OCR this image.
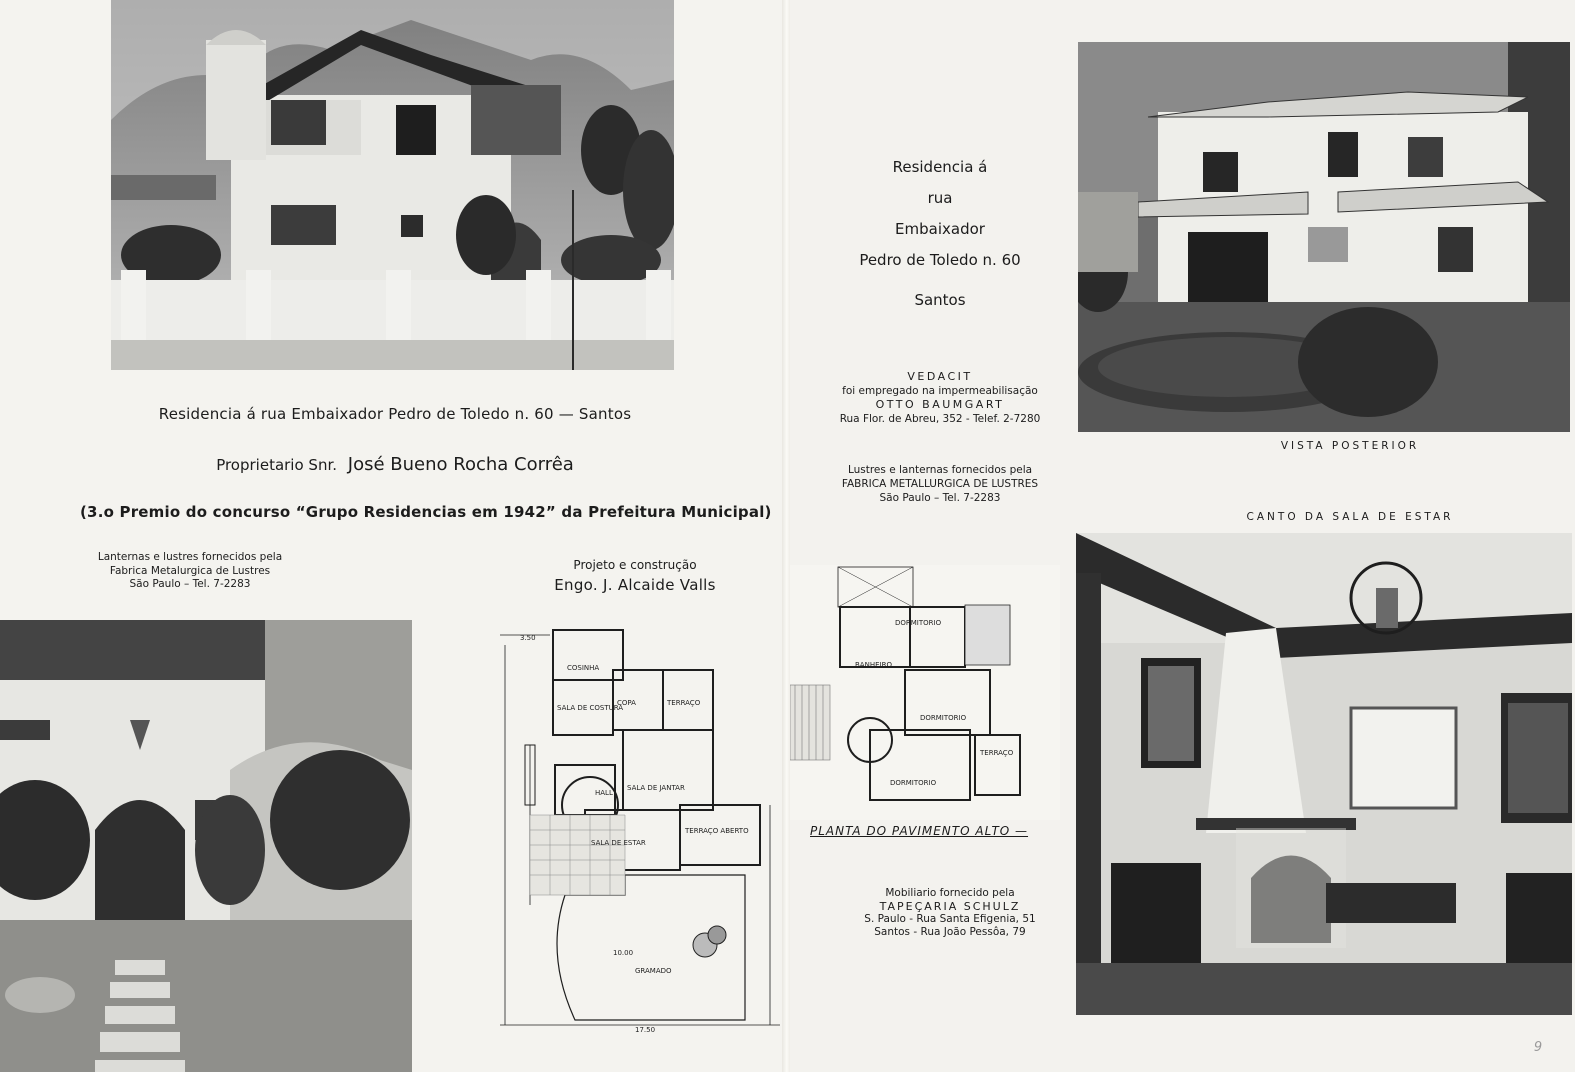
Residencia á rua Embaixador Pedro de Toledo n. 60 — Santos
Proprietario Snr. José Bueno Rocha Corrêa
(3.o Premio do concurso “Grupo Residencias em 1942” da Prefeitura Municipal)
Lanternas e lustres fornecidos pela
Fabrica Metalurgica de Lustres
São Paulo – Tel. 7-2283
Projeto e construção
Engo. J. Alcaide Valls
COSINHA
SALA DE COSTURA
COPA	TERRAÇO
HALL
SALA DE JANTAR
SALA DE ESTAR
TERRAÇO ABERTO
GRAMADO
3.50
17.50
10.00
Residencia á
rua
Embaixador
Pedro de Toledo n. 60
Santos
VEDACIT
foi empregado na impermeabilisação
OTTO BAUMGART
Rua Flor. de Abreu, 352 - Telef. 2-7280
Lustres e lanternas fornecidos pela
FABRICA METALLURGICA DE LUSTRES
São Paulo – Tel. 7-2283
DORMITORIO
BANHEIRO
DORMITORIO
DORMITORIO
TERRAÇO
PLANTA DO PAVIMENTO ALTO —
Mobiliario fornecido pela
TAPEÇARIA SCHULZ
S. Paulo - Rua Santa Efigenia, 51
Santos - Rua João Pessôa, 79
VISTA POSTERIOR
CANTO DA SALA DE ESTAR
9
